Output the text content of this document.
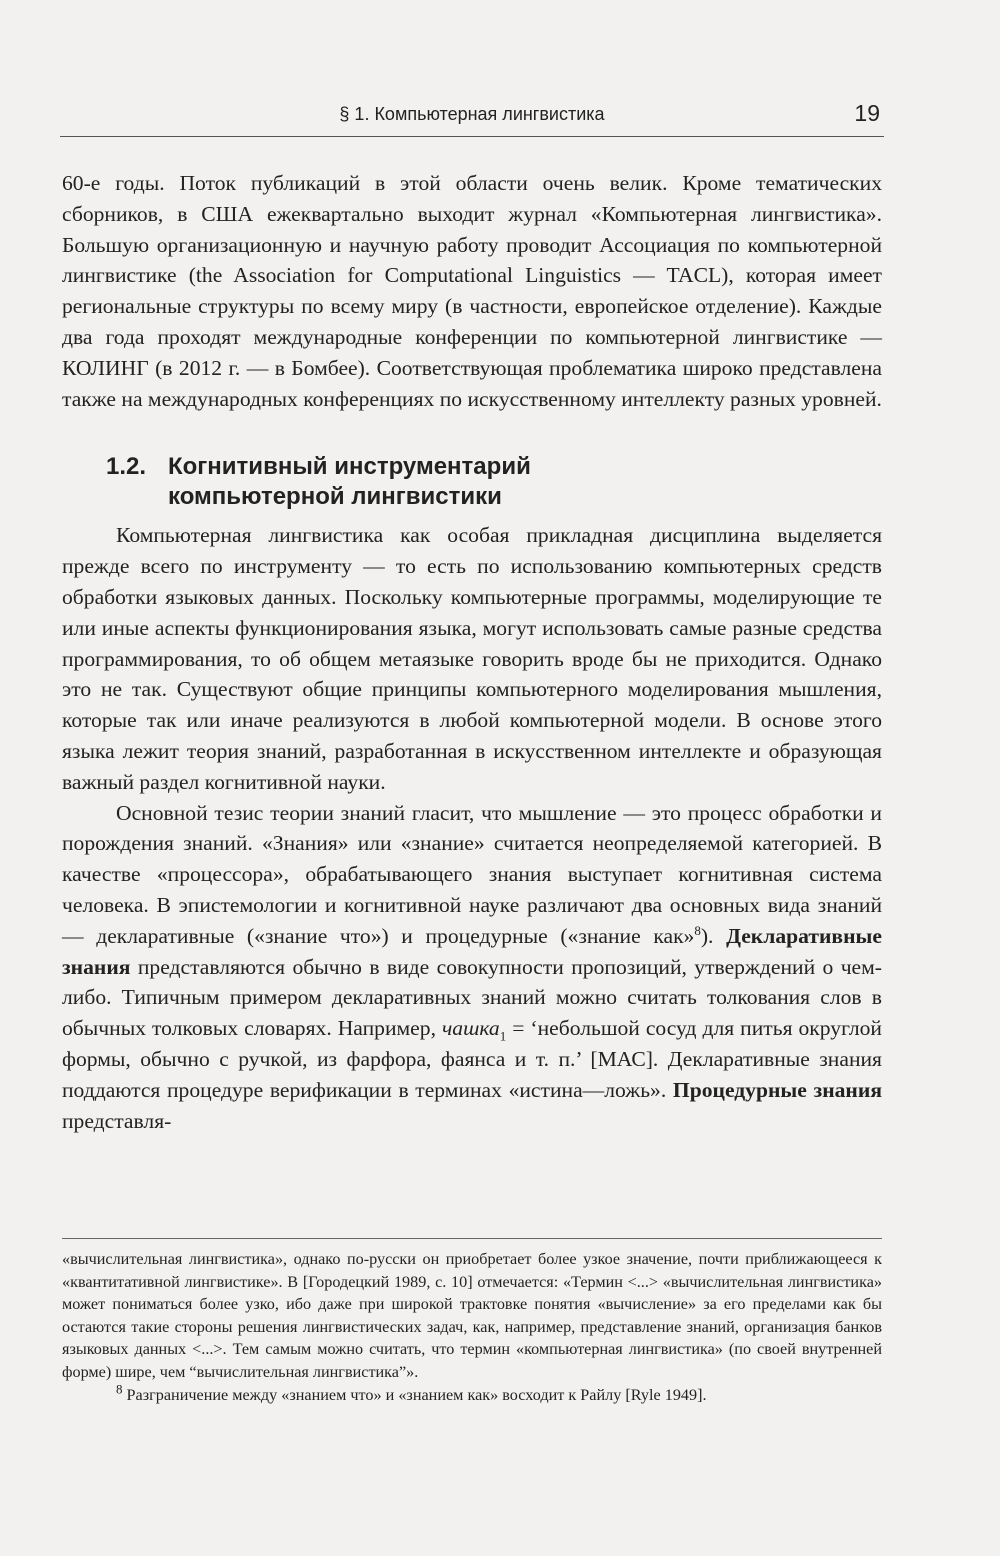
§ 1. Компьютерная лингвистика	19

60-е годы. Поток публикаций в этой области очень велик. Кроме тематических сборников, в США ежеквартально выходит журнал «Компьютерная лингвистика». Большую организационную и научную работу проводит Ассоциация по компьютерной лингвистике (the Association for Computational Linguistics — TACL), которая имеет региональные структуры по всему миру (в частности, европейское отделение). Каждые два года проходят международные конференции по компьютерной лингвистике — КОЛИНГ (в 2012 г. — в Бомбее). Соответствующая проблематика широко представлена также на международных конференциях по искусственному интеллекту разных уровней.

1.2. Когнитивный инструментарий
компьютерной лингвистики

Компьютерная лингвистика как особая прикладная дисциплина выделяется прежде всего по инструменту — то есть по использованию компьютерных средств обработки языковых данных. Поскольку компьютерные программы, моделирующие те или иные аспекты функционирования языка, могут использовать самые разные средства программирования, то об общем метаязыке говорить вроде бы не приходится. Однако это не так. Существуют общие принципы компьютерного моделирования мышления, которые так или иначе реализуются в любой компьютерной модели. В основе этого языка лежит теория знаний, разработанная в искусственном интеллекте и образующая важный раздел когнитивной науки.

Основной тезис теории знаний гласит, что мышление — это процесс обработки и порождения знаний. «Знания» или «знание» считается неопределяемой категорией. В качестве «процессора», обрабатывающего знания выступает когнитивная система человека. В эпистемологии и когнитивной науке различают два основных вида знаний — декларативные («знание что») и процедурные («знание как»$^8$). Декларативные знания представляются обычно в виде совокупности пропозиций, утверждений о чем-либо. Типичным примером декларативных знаний можно считать толкования слов в обычных толковых словарях. Например, чашка$_1$ = ‘небольшой сосуд для питья округлой формы, обычно с ручкой, из фарфора, фаянса и т. п.’ [МАС]. Декларативные знания поддаются процедуре верификации в терминах «истина—ложь». Процедурные знания представля-

«вычислительная лингвистика», однако по-русски он приобретает более узкое значение, почти приближающееся к «квантитативной лингвистике». В [Городецкий 1989, с. 10] отмечается: «Термин <...> «вычислительная лингвистика» может пониматься более узко, ибо даже при широкой трактовке понятия «вычисление» за его пределами как бы остаются такие стороны решения лингвистических задач, как, например, представление знаний, организация банков языковых данных <...>. Тем самым можно считать, что термин «компьютерная лингвистика» (по своей внутренней форме) шире, чем “вычислительная лингвистика”».

$^8$ Разграничение между «знанием что» и «знанием как» восходит к Райлу [Ryle 1949].
